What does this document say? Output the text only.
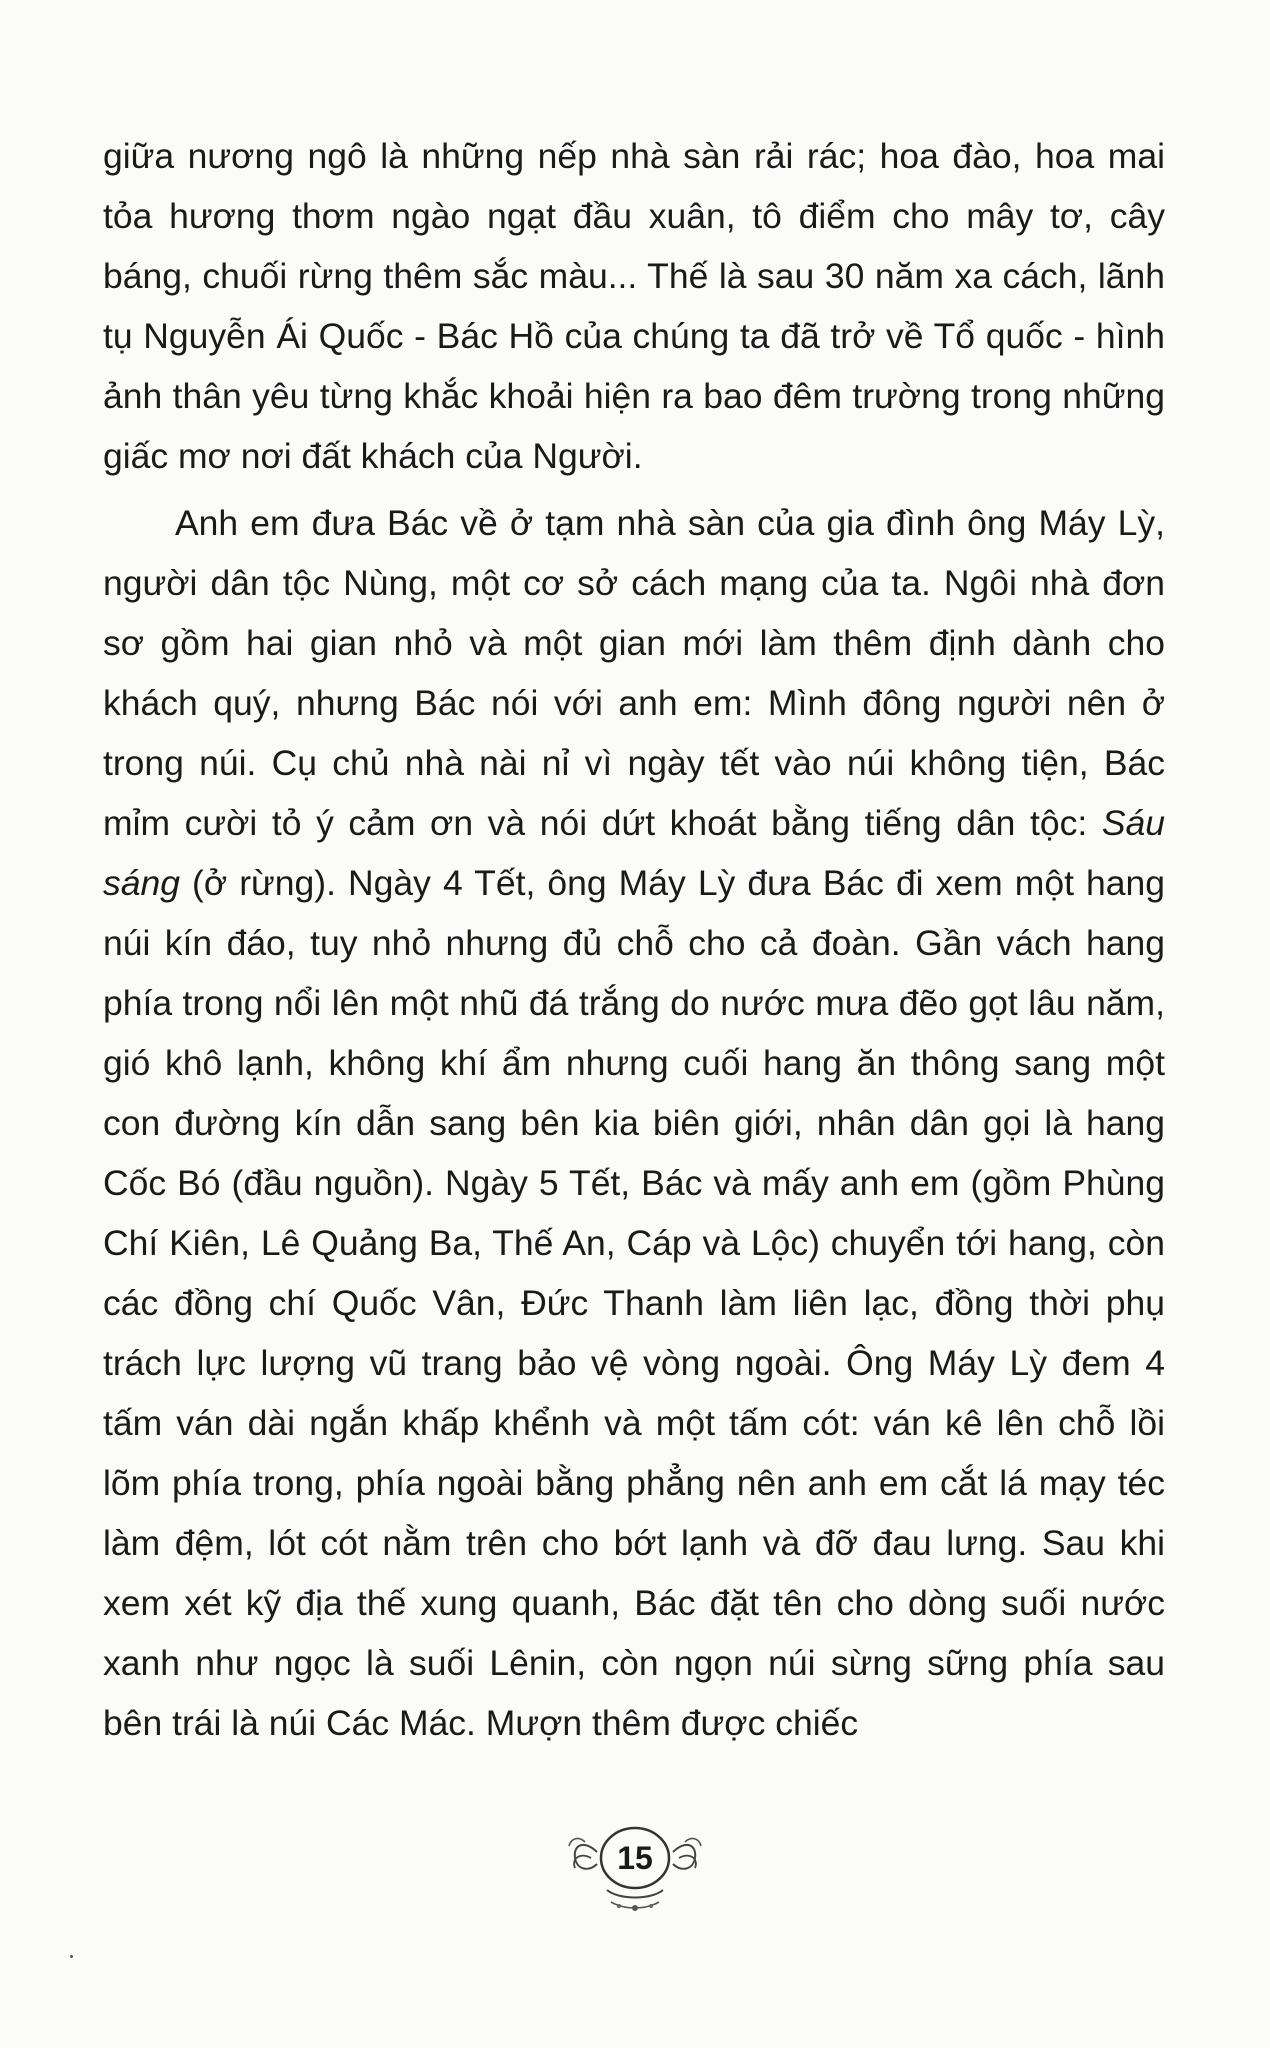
giữa nương ngô là những nếp nhà sàn rải rác; hoa đào, hoa mai tỏa hương thơm ngào ngạt đầu xuân, tô điểm cho mây tơ, cây báng, chuối rừng thêm sắc màu... Thế là sau 30 năm xa cách, lãnh tụ Nguyễn Ái Quốc - Bác Hồ của chúng ta đã trở về Tổ quốc - hình ảnh thân yêu từng khắc khoải hiện ra bao đêm trường trong những giấc mơ nơi đất khách của Người.

Anh em đưa Bác về ở tạm nhà sàn của gia đình ông Máy Lỳ, người dân tộc Nùng, một cơ sở cách mạng của ta. Ngôi nhà đơn sơ gồm hai gian nhỏ và một gian mới làm thêm định dành cho khách quý, nhưng Bác nói với anh em: Mình đông người nên ở trong núi. Cụ chủ nhà nài nỉ vì ngày tết vào núi không tiện, Bác mỉm cười tỏ ý cảm ơn và nói dứt khoát bằng tiếng dân tộc: Sáu sáng (ở rừng). Ngày 4 Tết, ông Máy Lỳ đưa Bác đi xem một hang núi kín đáo, tuy nhỏ nhưng đủ chỗ cho cả đoàn. Gần vách hang phía trong nổi lên một nhũ đá trắng do nước mưa đẽo gọt lâu năm, gió khô lạnh, không khí ẩm nhưng cuối hang ăn thông sang một con đường kín dẫn sang bên kia biên giới, nhân dân gọi là hang Cốc Bó (đầu nguồn). Ngày 5 Tết, Bác và mấy anh em (gồm Phùng Chí Kiên, Lê Quảng Ba, Thế An, Cáp và Lộc) chuyển tới hang, còn các đồng chí Quốc Vân, Đức Thanh làm liên lạc, đồng thời phụ trách lực lượng vũ trang bảo vệ vòng ngoài. Ông Máy Lỳ đem 4 tấm ván dài ngắn khấp khểnh và một tấm cót: ván kê lên chỗ lồi lõm phía trong, phía ngoài bằng phẳng nên anh em cắt lá mạy téc làm đệm, lót cót nằm trên cho bớt lạnh và đỡ đau lưng. Sau khi xem xét kỹ địa thế xung quanh, Bác đặt tên cho dòng suối nước xanh như ngọc là suối Lênin, còn ngọn núi sừng sững phía sau bên trái là núi Các Mác. Mượn thêm được chiếc

15
